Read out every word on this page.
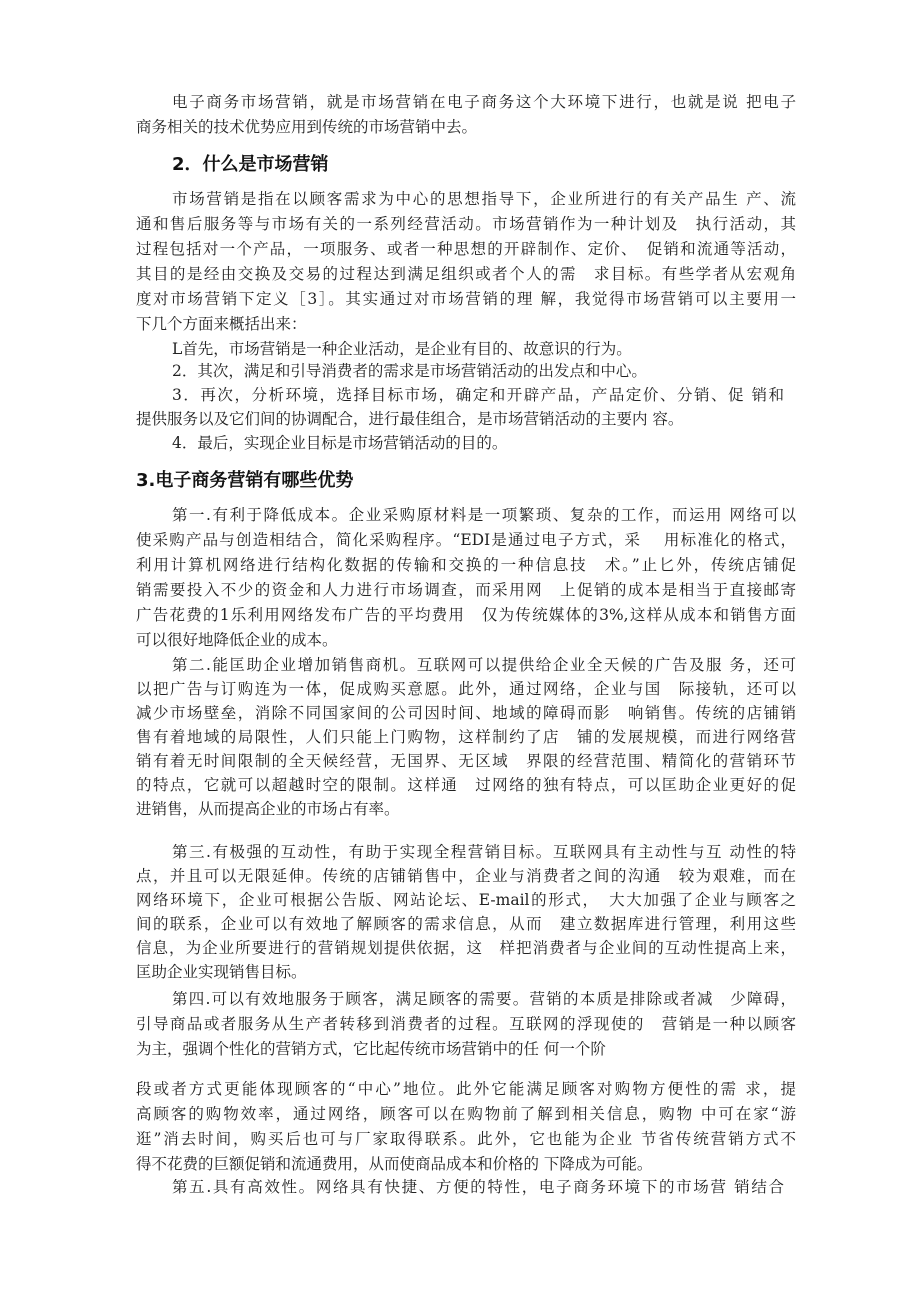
电子商务市场营销，就是市场营销在电子商务这个大环境下进行，也就是说 把电子
商务相关的技术优势应用到传统的市场营销中去。
2．什么是市场营销
市场营销是指在以顾客需求为中心的思想指导下，企业所进行的有关产品生 产、流
通和售后服务等与市场有关的一系列经营活动。市场营销作为一种计划及　执行活动，其
过程包括对一个产品，一项服务、或者一种思想的开辟制作、定价、　促销和流通等活动，
其目的是经由交换及交易的过程达到满足组织或者个人的需　求目标。有些学者从宏观角
度对市场营销下定义［3］。其实通过对市场营销的理 解，我觉得市场营销可以主要用一
下几个方面来概括出来：
L首先，市场营销是一种企业活动，是企业有目的、故意识的行为。
2．其次，满足和引导消费者的需求是市场营销活动的出发点和中心。
3．再次，分析环境，选择目标市场，确定和开辟产品，产品定价、分销、促 销和
提供服务以及它们间的协调配合，进行最佳组合，是市场营销活动的主要内 容。
4．最后，实现企业目标是市场营销活动的目的。
3.电子商务营销有哪些优势
第一.有利于降低成本。企业采购原材料是一项繁琐、复杂的工作，而运用 网络可以
使采购产品与创造相结合，简化采购程序。“EDI是通过电子方式，采　 用标准化的格式，
利用计算机网络进行结构化数据的传输和交换的一种信息技　术。”止匕外，传统店铺促
销需要投入不少的资金和人力进行市场调查，而采用网　上促销的成本是相当于直接邮寄
广告花费的1乐利用网络发布广告的平均费用　仅为传统媒体的3%,这样从成本和销售方面
可以很好地降低企业的成本。
第二.能匡助企业增加销售商机。互联网可以提供给企业全天候的广告及服 务，还可
以把广告与订购连为一体，促成购买意愿。此外，通过网络，企业与国　际接轨，还可以
减少市场壁垒，消除不同国家间的公司因时间、地域的障碍而影　响销售。传统的店铺销
售有着地域的局限性，人们只能上门购物，这样制约了店　铺的发展规模，而进行网络营
销有着无时间限制的全天候经营，无国界、无区域　界限的经营范围、精简化的营销环节
的特点，它就可以超越时空的限制。这样通　过网络的独有特点，可以匡助企业更好的促
进销售，从而提高企业的市场占有率。
第三.有极强的互动性，有助于实现全程营销目标。互联网具有主动性与互 动性的特
点，并且可以无限延伸。传统的店铺销售中，企业与消费者之间的沟通　较为艰难，而在
网络环境下，企业可根据公告版、网站论坛、E-mail的形式，　大大加强了企业与顾客之
间的联系，企业可以有效地了解顾客的需求信息，从而　建立数据库进行管理，利用这些
信息，为企业所要进行的营销规划提供依据，这　样把消费者与企业间的互动性提高上来，
匡助企业实现销售目标。
第四.可以有效地服务于顾客，满足顾客的需要。营销的本质是排除或者减　少障碍，
引导商品或者服务从生产者转移到消费者的过程。互联网的浮现使的　营销是一种以顾客
为主，强调个性化的营销方式，它比起传统市场营销中的任 何一个阶
段或者方式更能体现顾客的“中心”地位。此外它能满足顾客对购物方便性的需 求，提
高顾客的购物效率，通过网络，顾客可以在购物前了解到相关信息，购物 中可在家“游
逛”消去时间，购买后也可与厂家取得联系。此外，它也能为企业 节省传统营销方式不
得不花费的巨额促销和流通费用，从而使商品成本和价格的 下降成为可能。
第五.具有高效性。网络具有快捷、方便的特性，电子商务环境下的市场营 销结合
